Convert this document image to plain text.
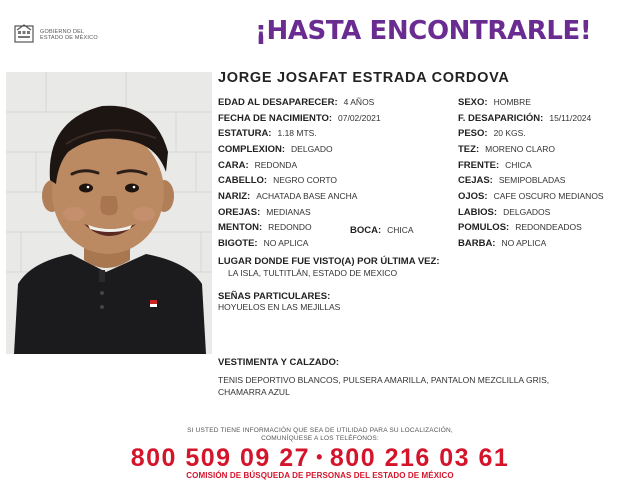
GOBIERNO DEL
ESTADO DE MÉXICO	¡HASTA ENCONTRARLE!
JORGE JOSAFAT ESTRADA CORDOVA
EDAD AL DESAPARECER: 4 AÑOS
FECHA DE NACIMIENTO: 07/02/2021
ESTATURA: 1.18 MTS.
COMPLEXION: DELGADO
CARA: REDONDA
CABELLO: NEGRO CORTO
NARIZ: ACHATADA BASE ANCHA
OREJAS: MEDIANAS
MENTON: REDONDO
BIGOTE: NO APLICA
BOCA: CHICA
SEXO: HOMBRE
F. DESAPARICIÓN: 15/11/2024
PESO: 20 KGS.
TEZ: MORENO CLARO
FRENTE: CHICA
CEJAS: SEMIPOBLADAS
OJOS: CAFE OSCURO MEDIANOS
LABIOS: DELGADOS
POMULOS: REDONDEADOS
BARBA: NO APLICA
LUGAR DONDE FUE VISTO(A) POR ÚLTIMA VEZ:
LA ISLA, TULTITLÁN, ESTADO DE MEXICO
SEÑAS PARTICULARES:
HOYUELOS EN LAS MEJILLAS
VESTIMENTA Y CALZADO:
TENIS DEPORTIVO BLANCOS, PULSERA AMARILLA, PANTALON MEZCLILLA GRIS,
CHAMARRA AZUL
SI USTED TIENE INFORMACIÓN QUE SEA DE UTILIDAD PARA SU LOCALIZACIÓN,
COMUNÍQUESE A LOS TELÉFONOS:
800 509 09 27 • 800 216 03 61
COMISIÓN DE BÚSQUEDA DE PERSONAS DEL ESTADO DE MÉXICO
